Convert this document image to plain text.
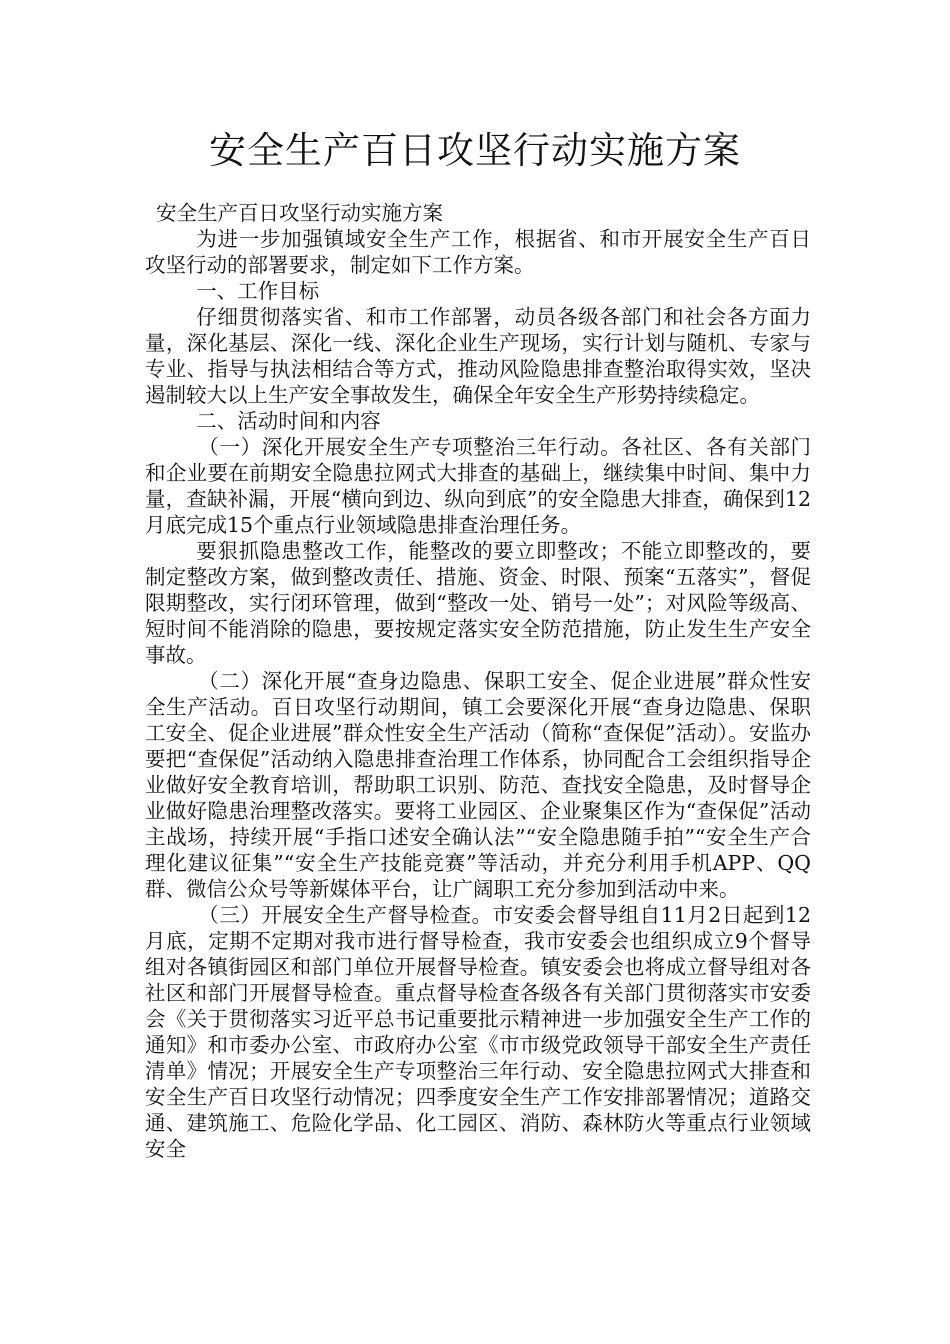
安全生产百日攻坚行动实施方案

安全生产百日攻坚行动实施方案

为进一步加强镇域安全生产工作，根据省、和市开展安全生产百日攻坚行动的部署要求，制定如下工作方案。

一、工作目标

仔细贯彻落实省、和市工作部署，动员各级各部门和社会各方面力量，深化基层、深化一线、深化企业生产现场，实行计划与随机、专家与专业、指导与执法相结合等方式，推动风险隐患排查整治取得实效，坚决遏制较大以上生产安全事故发生，确保全年安全生产形势持续稳定。

二、活动时间和内容

（一）深化开展安全生产专项整治三年行动。各社区、各有关部门和企业要在前期安全隐患拉网式大排查的基础上，继续集中时间、集中力量，查缺补漏，开展“横向到边、纵向到底”的安全隐患大排查，确保到12月底完成15个重点行业领域隐患排查治理任务。

要狠抓隐患整改工作，能整改的要立即整改；不能立即整改的，要制定整改方案，做到整改责任、措施、资金、时限、预案“五落实”，督促限期整改，实行闭环管理，做到“整改一处、销号一处”；对风险等级高、短时间不能消除的隐患，要按规定落实安全防范措施，防止发生生产安全事故。

（二）深化开展“查身边隐患、保职工安全、促企业进展”群众性安全生产活动。百日攻坚行动期间，镇工会要深化开展“查身边隐患、保职工安全、促企业进展”群众性安全生产活动（简称“查保促”活动）。安监办要把“查保促”活动纳入隐患排查治理工作体系，协同配合工会组织指导企业做好安全教育培训，帮助职工识别、防范、查找安全隐患，及时督导企业做好隐患治理整改落实。要将工业园区、企业聚集区作为“查保促”活动主战场，持续开展“手指口述安全确认法”“安全隐患随手拍”“安全生产合理化建议征集”“安全生产技能竞赛”等活动，并充分利用手机APP、QQ群、微信公众号等新媒体平台，让广阔职工充分参加到活动中来。

（三）开展安全生产督导检查。市安委会督导组自11月2日起到12月底，定期不定期对我市进行督导检查，我市安委会也组织成立9个督导组对各镇街园区和部门单位开展督导检查。镇安委会也将成立督导组对各社区和部门开展督导检查。重点督导检查各级各有关部门贯彻落实市安委会《关于贯彻落实习近平总书记重要批示精神进一步加强安全生产工作的通知》和市委办公室、市政府办公室《市市级党政领导干部安全生产责任清单》情况；开展安全生产专项整治三年行动、安全隐患拉网式大排查和安全生产百日攻坚行动情况；四季度安全生产工作安排部署情况；道路交通、建筑施工、危险化学品、化工园区、消防、森林防火等重点行业领域安全
